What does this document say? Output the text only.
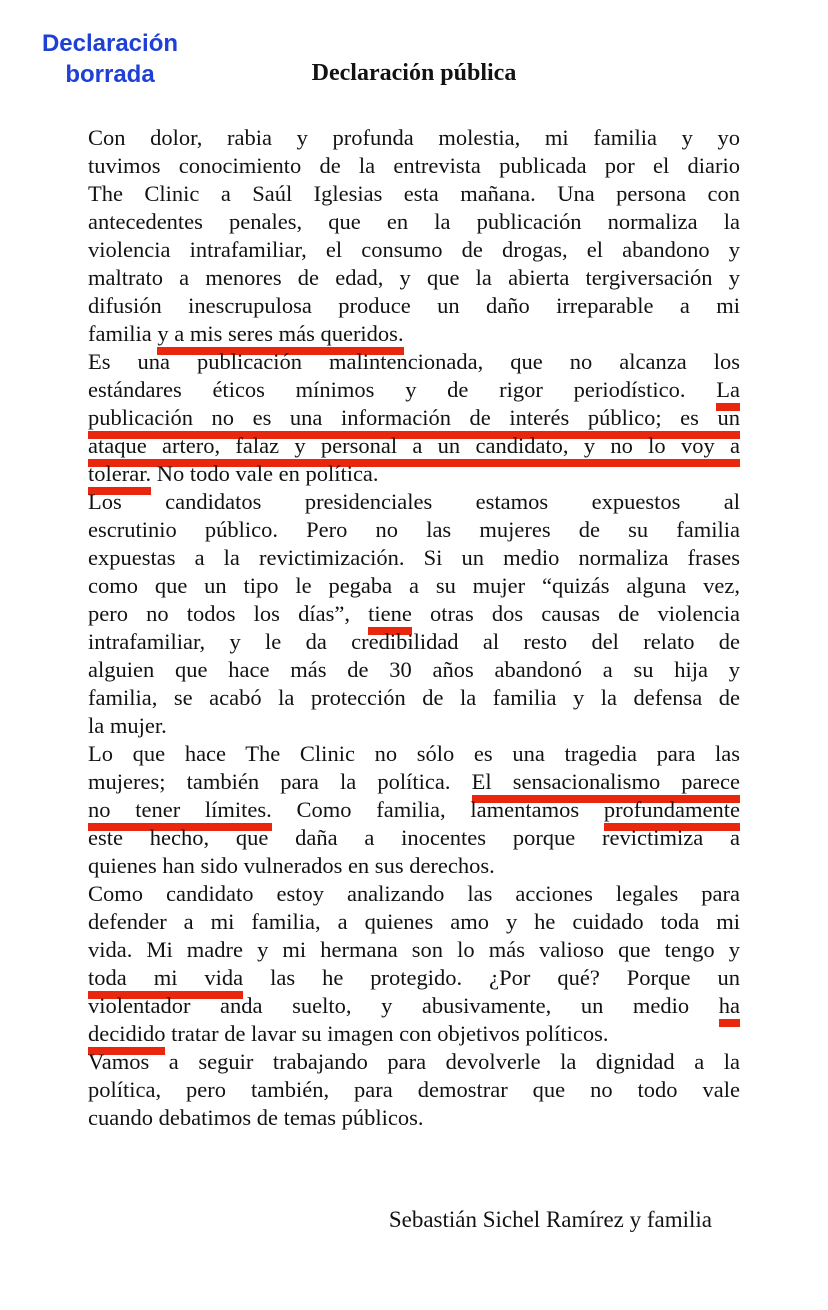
Declaración
borrada	Declaración pública
Con dolor, rabia y profunda molestia, mi familia y yo
tuvimos conocimiento de la entrevista publicada por el diario
The Clinic a Saúl Iglesias esta mañana. Una persona con
antecedentes penales, que en la publicación normaliza la
violencia intrafamiliar, el consumo de drogas, el abandono y
maltrato a menores de edad, y que la abierta tergiversación y
difusión inescrupulosa produce un daño irreparable a mi
familia y a mis seres más queridos.
Es una publicación malintencionada, que no alcanza los
estándares éticos mínimos y de rigor periodístico. La
publicación no es una información de interés público; es un
ataque artero, falaz y personal a un candidato, y no lo voy a
tolerar. No todo vale en política.
Los candidatos presidenciales estamos expuestos al
escrutinio público. Pero no las mujeres de su familia
expuestas a la revictimización. Si un medio normaliza frases
como que un tipo le pegaba a su mujer “quizás alguna vez,
pero no todos los días”, tiene otras dos causas de violencia
intrafamiliar, y le da credibilidad al resto del relato de
alguien que hace más de 30 años abandonó a su hija y
familia, se acabó la protección de la familia y la defensa de
la mujer.
Lo que hace The Clinic no sólo es una tragedia para las
mujeres; también para la política. El sensacionalismo parece
no tener límites. Como familia, lamentamos profundamente
este hecho, que daña a inocentes porque revictimiza a
quienes han sido vulnerados en sus derechos.
Como candidato estoy analizando las acciones legales para
defender a mi familia, a quienes amo y he cuidado toda mi
vida. Mi madre y mi hermana son lo más valioso que tengo y
toda mi vida las he protegido. ¿Por qué? Porque un
violentador anda suelto, y abusivamente, un medio ha
decidido tratar de lavar su imagen con objetivos políticos.
Vamos a seguir trabajando para devolverle la dignidad a la
política, pero también, para demostrar que no todo vale
cuando debatimos de temas públicos.
Sebastián Sichel Ramírez y familia
